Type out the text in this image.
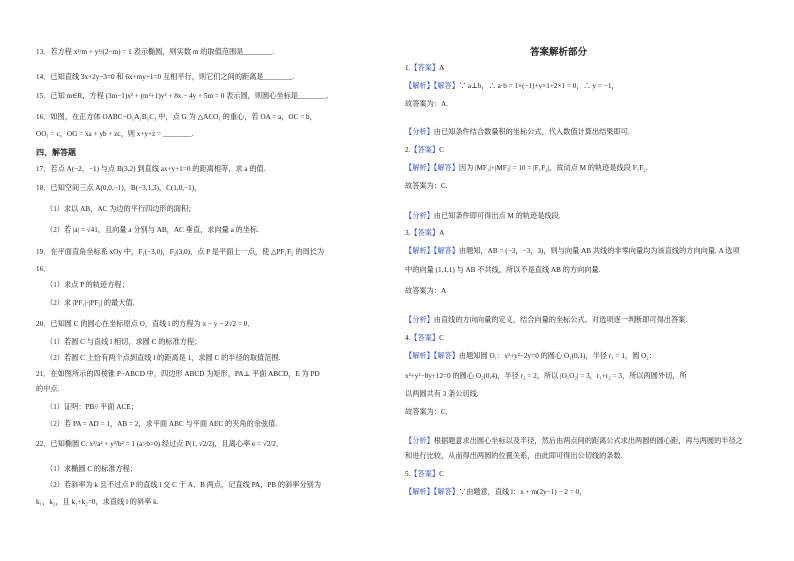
13．若方程 x²/m + y²/(2−m) = 1 表示椭圆，则实数 m 的取值范围是________.
14．已知直线 3x+2y−3=0 和 6x+my+1=0 互相平行，则它们之间的距离是________.
15．已知 m∈R，方程 (3m−1)x² + (m²+1)y² + 8x − 4y + 5m = 0 表示圆，则圆心坐标是________.
16．如图，在正方体 OABC−O₁A₁B₁C₁ 中，点 G 为 △ACO₁ 的重心，若 OA = a，OC = b，
OO₁ = c，OG = xa + yb + zc，则 x+y+z = ________.
四、解答题
17．若点 A(−2，−1) 与点 B(3,2) 到直线 ax+y+1=0 的距离相等，求 a 的值.
18．已知空间三点 A(0,0,−1)，B(−3,1,3)，C(1,0,−1)，
（1）求以 AB，AC 为边的平行四边形的面积；
（2）若 |a| = √41，且向量 a 分别与 AB，AC 垂直，求向量 a 的坐标.
19．在平面直角坐标系 xOy 中，F₁(−3,0)，F₂(3,0)，点 P 是平面上一点，使 △PF₁F₂ 的周长为
16．
（1）求点 P 的轨迹方程；
（2）求 |PF₁|·|PF₂| 的最大值.
20．已知圆 C 的圆心在坐标原点 O，直线 l 的方程为 x − y − 2√2 = 0．
（1）若圆 C 与直线 l 相切，求圆 C 的标准方程；
（2）若圆 C 上恰有两个点到直线 l 的距离是 1，求圆 C 的半径的取值范围.
21．在如图所示的四棱锥 P−ABCD 中，四边形 ABCD 为矩形，PA⊥ 平面 ABCD，E 为 PD
的中点.
（1）证明：PB// 平面 ACE；
（2）若 PA = AD = 1，AB = 2，求平面 ABC 与平面 AEC 的夹角的余弦值.
22．已知椭圆 C: x²/a² + y²/b² = 1 (a>b>0) 经过点 P(1, √2/2)，且离心率 e = √2/2．
（1）求椭圆 C 的标准方程；
（2）若斜率为 k 且不过点 P 的直线 l 交 C 于 A、B 两点，记直线 PA，PB 的斜率分别为
k₁，k₂，且 k₁+k₂=0，求直线 l 的斜率 k.
答案解析部分
1.【答案】A
【解析】【解答】∵ a⊥b，∴ a·b = 1×(−1)+y×1+2×1 = 0，∴ y = −1，
故答案为：A.
【分析】由已知条件结合数量积的坐标公式，代入数值计算出结果即可.
2.【答案】C
【解析】【解答】因为 |MF₁|+|MF₂| = 10 = |F₁F₂|，故动点 M 的轨迹是线段 F₁F₂．
故答案为：C.
【分析】由已知条件即可得出点 M 的轨迹是线段.
3.【答案】A
【解析】【解答】由题知，AB = (−3，−3，3)，则与向量 AB 共线的非零向量均为该直线的方向向量. A 选项
中的向量 (1,1,1) 与 AB 不共线，所以不是直线 AB 的方向向量.
故答案为：A
【分析】由直线的方向向量的定义，结合向量的坐标公式，对选项逐一判断即可得出答案.
4.【答案】C
【解析】【解答】由题知圆 O₁：x²+y²−2y=0 的圆心 O₁(0,1)，半径 r₁ = 1，圆 O₂：
x²+y²−8y+12=0 的圆心 O₂(0,4)，半径 r₂ = 2，所以 |O₁O₂| = 3，r₁+r₂ = 3，所以两圆外切，所
以两圆共有 3 条公切线.
故答案为：C.
【分析】根据题意求出圆心坐标以及半径，然后由两点间的距离公式求出两圆的圆心距，再与两圆的半径之
和进行比较，从而得出两圆的位置关系，由此即可得出公切线的条数.
5.【答案】C
【解析】【解答】∵由题意，直线 l：x + m(2y−1) − 2 = 0，
